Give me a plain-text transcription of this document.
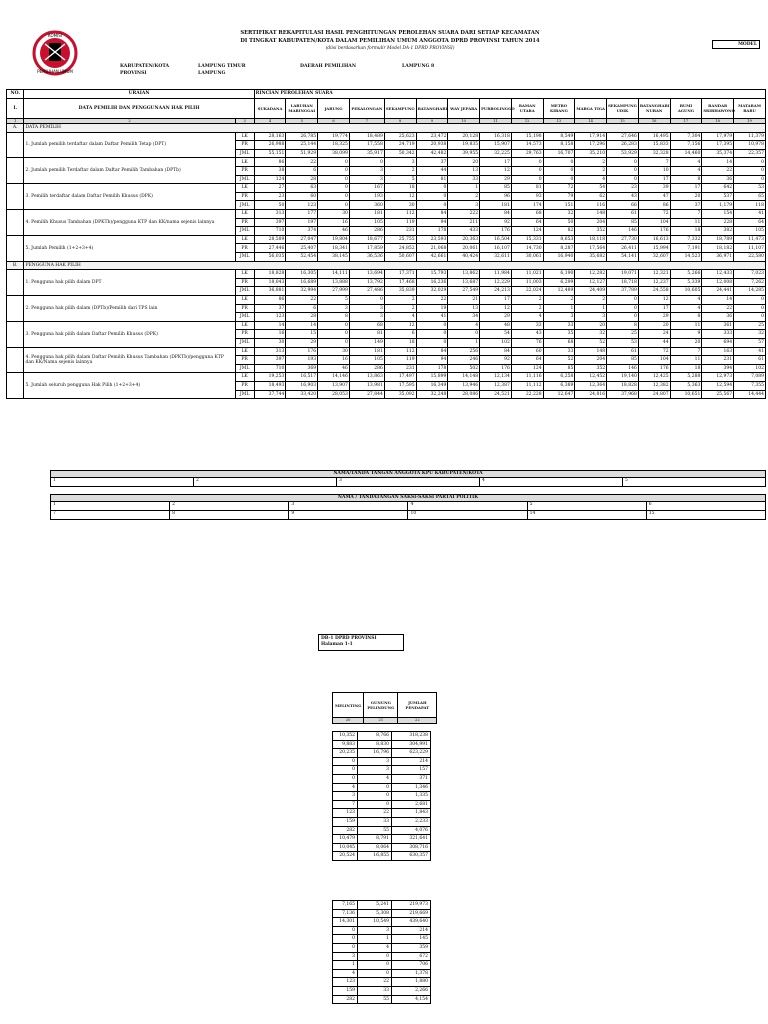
KOMISI
PEMILIHAN UMUM
SERTIFIKAT REKAPITULASI HASIL PENGHITUNGAN PEROLEHAN SUARA DARI SETIAP KECAMATAN
DI TINGKAT KABUPATEN/KOTA DALAM PEMILIHAN UMUM ANGGOTA DPRD PROVINSI TAHUN 2014
(diisi berdasarkan formulir Model DA-1 DPRD PROVINSI)
MODEL
KABUPATEN/KOTA
PROVINSI
LAMPUNG TIMUR
LAMPUNG
DAERAH PEMILIHAN	LAMPUNG 8
NO.	URAIAN		RINCIAN PEROLEHAN SUARA															
I.	DATA PEMILIH DAN PENGGUNAAN HAK PILIH		SUKADANA	LABUHAN MARINGGAI	JABUNG	PEKALONGAN	SEKAMPUNG	BATANGHARI	WAY JEPARA	PURBOLINGGO	RAMAN UTARA	METRO KIBANG	MARGA TIGA	SEKAMPUNG UDIK	BATANGHARI NUBAN	BUMI AGUNG	BANDAR SRIBHAWONO	MATARAM BARU
1	2	3	4	5	6	7	8	9	10	11	12	13	14	15	16	17	18	19
A.	DATA PEMILIH																	
	1. Jumlah pemilih terdaftar dalam Daftar Pemilih Tetap (DPT)	LK	28,163	26,785	19,774	18,489	25,623	23,472	20,128	16,318	15,198	8,549	17,914	27,646	16,495	7,304	17,979	11,379
		PR	26,988	25,144	18,325	17,558	24,719	20,938	19,835	15,907	14,573	8,158	17,296	26,283	15,833	7,156	17,395	10,978
		JML	55,151	51,929	38,099	35,917	50,342	42,482	39,955	32,225	29,763	16,707	35,210	53,929	32,328	14,460	35,374	22,357
	2. Jumlah pemilih Terdaftar dalam Daftar Pemilih Tambahan (DPTb)	LK	86	22	0	0	3	37	20	17	0	0	2	0	7	4	14	0
		PR	38	6	0	3	2	44	13	12	0	0	2	0	10	4	22	0
		JML	124	28	0	3	5	81	33	29	0	0	4	0	17	8	36	0
	3. Pemilih terdaftar dalam Daftar Pemilih Khusus (DPK)	LK	27	63	0	167	18	0	1	85	81	72	54	23	39	17	642	53
		PR	23	60	0	193	12	0	2	96	93	79	62	43	47	20	537	65
		JML	50	123	0	360	30	0	3	181	174	151	116	66	86	37	1,179	118
	4. Pemilih Khusus Tambahan (DPKTb)/pengguna KTP dan KK/nama sejenis lainnya	LK	313	177	30	181	112	84	222	84	68	32	148	61	72	7	154	41
		PR	397	197	16	105	119	94	211	92	64	50	204	85	104	11	228	64
		JML	710	374	46	286	231	178	433	176	124	82	352	146	176	18	382	105
	5. Jumlah Pemilih (1+2+3+4)	LK	28,589	27,047	19,804	18,677	25,755	23,593	20,363	16,504	15,331	8,653	18,118	27,730	16,613	7,332	18,789	11,473
		PR	27,446	25,407	18,341	17,859	24,852	21,068	20,061	16,107	14,730	8,287	17,564	26,411	15,994	7,191	18,182	11,107
		JML	56,035	52,454	38,145	36,536	50,607	42,661	40,424	32,611	30,061	16,940	35,682	54,141	32,607	14,523	36,971	22,580
B.	PENGGUNA HAK PILIH																	
	1. Pengguna hak pilih dalam DPT	LK	18,828	16,305	14,111	13,694	17,371	15,793	13,862	11,984	11,021	6,190	12,282	19,071	12,321	5,266	12,433	7,023
		PR	18,043	16,689	13,888	13,792	17,468	16,236	13,687	12,229	11,003	6,299	12,127	18,718	12,237	5,339	12,008	7,262
		JML	36,881	32,994	27,999	27,486	35,839	32,029	27,549	24,213	22,024	12,489	24,409	37,789	24,558	10,605	24,441	14,285
	2. Pengguna hak pilih dalam (DPTb)/Pemilih dari TPS lain	LK	86	22	5	0	2	22	21	17	2	2	2	0	12	4	14	0
		PR	37	6	3	3	2	19	13	12	2	1	1	0	17	4	22	0
		JML	123	28	8	3	4	41	34	29	4	3	3	0	29	8	36	0
	3. Pengguna hak pilih dalam Daftar Pemilih Khusus (DPK)	LK	14	14	0	68	12	0	4	48	33	33	20	8	20	11	361	25
		PR	16	15	0	81	6	0	0	54	43	35	32	25	24	9	333	32
		JML	30	29	0	149	18	0	1	102	76	68	52	53	44	20	694	57
	4. Pengguna hak pilih dalam Daftar Pemilih Khusus Tambahan (DPKTb)/pengguna KTP dan KK/Nama sejenis lainnya	LK	313	176	30	181	112	84	256	84	60	33	148	61	72	7	163	41
		PR	397	193	16	105	119	94	246	92	64	52	204	85	104	11	231	61
		JML	710	369	46	286	231	178	502	176	124	85	352	146	176	18	394	102
	5. Jumlah seluruh pengguna Hak Pilih (1+2+3+4)	LK	19,253	16,517	14,146	13,863	17,497	15,899	14,148	12,134	11,116	6,258	12,452	19,140	12,425	5,288	12,973	7,089
		PR	18,493	16,903	13,907	13,981	17,595	16,349	13,946	12,387	11,112	6,389	12,364	18,828	12,382	5,363	12,594	7,355
		JML	37,744	33,420	28,053	27,844	35,092	32,248	28,086	24,521	22,228	12,647	24,816	37,968	24,807	10,651	25,567	14,444
NAMA/TANDA TANGAN ANGGOTA KPU KABUPATEN/KOTA
1	2	3	4	5
NAMA / TANDATANGAN SAKSI-SAKSI PARTAI POLITIK					
1	2	3	4	5	6
7	8	9	10	14	15
DB-1 DPRD PROVINSI
Halaman 1-1
MELINTING	GUNUNG PELINDUNG	JUMLAH PENDAPAT
20	21	22
10,352	8,766	318,238
9,883	8,830	304,991
20,235	16,796	623,229
0	3	214
0	3	157
0	4	371
4	0	1,346
3	0	1,335
7	0	2,681
123	22	1,843
159	33	2,233
282	55	4,076
10,479	8,791	321,641
10,045	8,064	308,716
20,524	16,855	630,357
7,165	5,241	219,973
7,136	5,308	219,669
14,301	10,549	439,640
0	3	214
0	1	145
0	4	359
3	0	672
1	0	706
4	0	1,378
123	22	1,880
159	33	2,266
282	55	4,154
